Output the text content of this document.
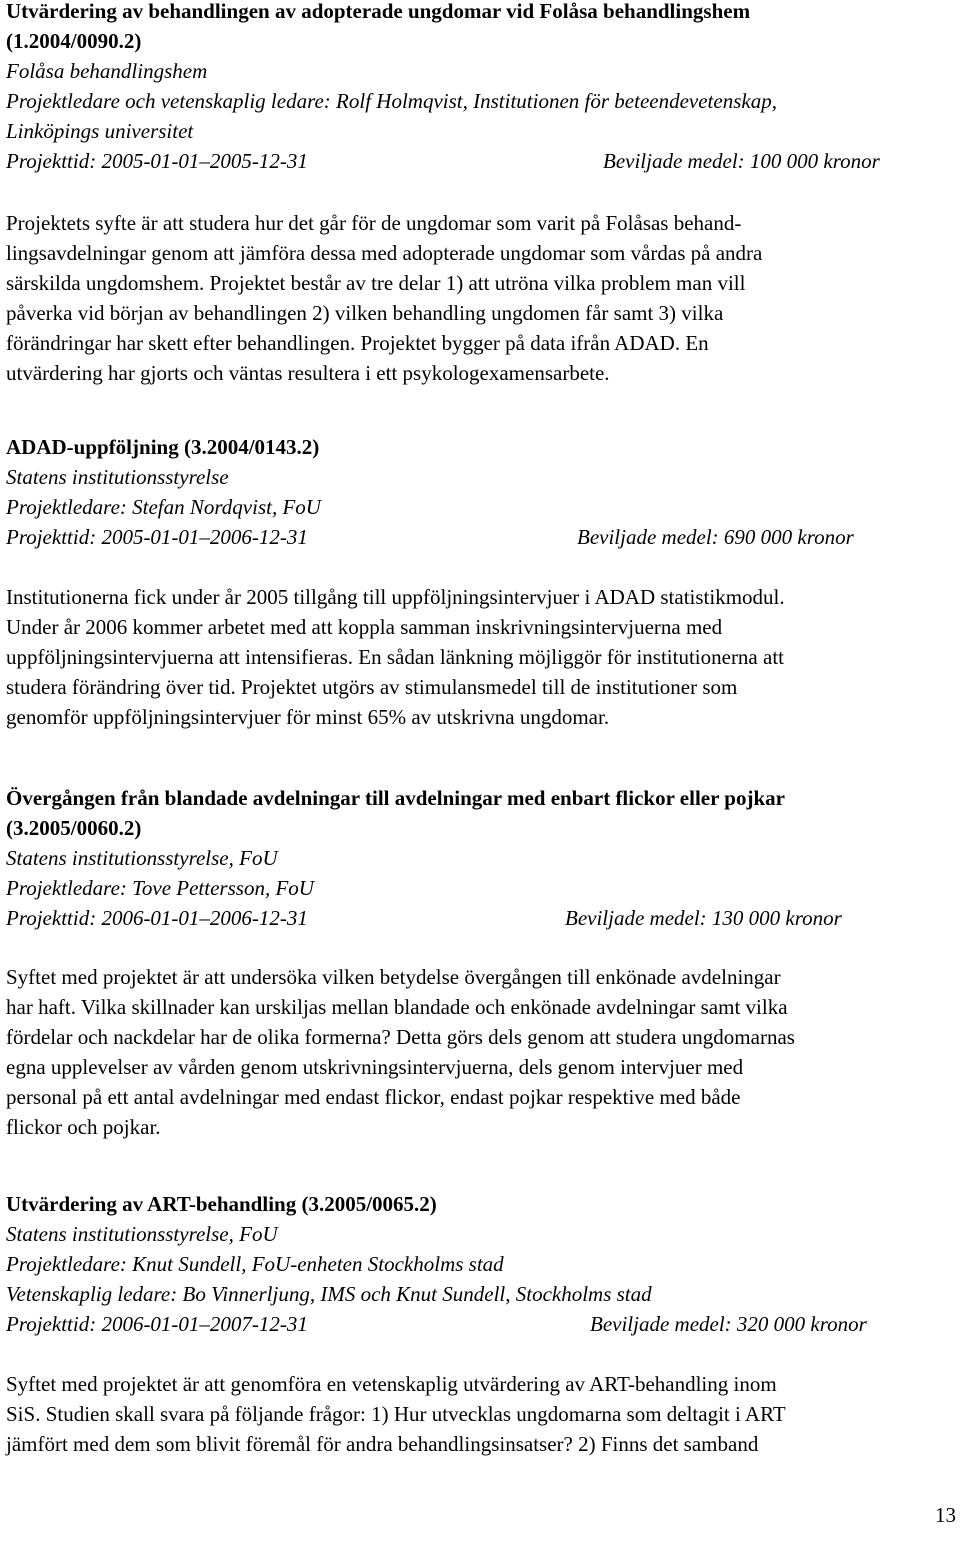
Utvärdering av behandlingen av adopterade ungdomar vid Folåsa behandlingshem
(1.2004/0090.2)
Folåsa behandlingshem
Projektledare och vetenskaplig ledare: Rolf Holmqvist, Institutionen för beteendevetenskap,
Linköpings universitet
Projekttid: 2005-01-01–2005-12-31	Beviljade medel: 100 000 kronor
Projektets syfte är att studera hur det går för de ungdomar som varit på Folåsas behand-
lingsavdelningar genom att jämföra dessa med adopterade ungdomar som vårdas på andra
särskilda ungdomshem. Projektet består av tre delar 1) att utröna vilka problem man vill
påverka vid början av behandlingen 2) vilken behandling ungdomen får samt 3) vilka
förändringar har skett efter behandlingen. Projektet bygger på data ifrån ADAD. En
utvärdering har gjorts och väntas resultera i ett psykologexamensarbete.
ADAD-uppföljning (3.2004/0143.2)
Statens institutionsstyrelse
Projektledare: Stefan Nordqvist, FoU
Projekttid: 2005-01-01–2006-12-31	Beviljade medel: 690 000 kronor
Institutionerna fick under år 2005 tillgång till uppföljningsintervjuer i ADAD statistikmodul.
Under år 2006 kommer arbetet med att koppla samman inskrivningsintervjuerna med
uppföljningsintervjuerna att intensifieras. En sådan länkning möjliggör för institutionerna att
studera förändring över tid. Projektet utgörs av stimulansmedel till de institutioner som
genomför uppföljningsintervjuer för minst 65% av utskrivna ungdomar.
Övergången från blandade avdelningar till avdelningar med enbart flickor eller pojkar
(3.2005/0060.2)
Statens institutionsstyrelse, FoU
Projektledare: Tove Pettersson, FoU
Projekttid: 2006-01-01–2006-12-31	Beviljade medel: 130 000 kronor
Syftet med projektet är att undersöka vilken betydelse övergången till enkönade avdelningar
har haft. Vilka skillnader kan urskiljas mellan blandade och enkönade avdelningar samt vilka
fördelar och nackdelar har de olika formerna? Detta görs dels genom att studera ungdomarnas
egna upplevelser av vården genom utskrivningsintervjuerna, dels genom intervjuer med
personal på ett antal avdelningar med endast flickor, endast pojkar respektive med både
flickor och pojkar.
Utvärdering av ART-behandling (3.2005/0065.2)
Statens institutionsstyrelse, FoU
Projektledare: Knut Sundell, FoU-enheten Stockholms stad
Vetenskaplig ledare: Bo Vinnerljung, IMS och Knut Sundell, Stockholms stad
Projekttid: 2006-01-01–2007-12-31	Beviljade medel: 320 000 kronor
Syftet med projektet är att genomföra en vetenskaplig utvärdering av ART-behandling inom
SiS. Studien skall svara på följande frågor: 1) Hur utvecklas ungdomarna som deltagit i ART
jämfört med dem som blivit föremål för andra behandlingsinsatser? 2) Finns det samband
13
